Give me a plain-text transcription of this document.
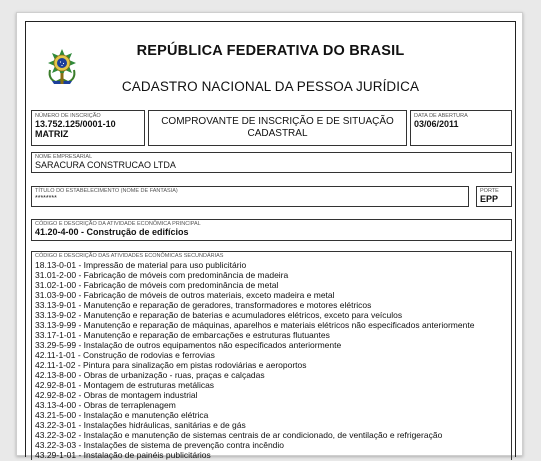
REPÚBLICA FEDERATIVA DO BRASIL
CADASTRO NACIONAL DA PESSOA JURÍDICA
NÚMERO DE INSCRIÇÃO
13.752.125/0001-10
MATRIZ
COMPROVANTE DE INSCRIÇÃO E DE SITUAÇÃO
CADASTRAL
DATA DE ABERTURA
03/06/2011
NOME EMPRESARIAL
SARACURA CONSTRUCAO LTDA
TÍTULO DO ESTABELECIMENTO (NOME DE FANTASIA)
********
PORTE
EPP
CÓDIGO E DESCRIÇÃO DA ATIVIDADE ECONÔMICA PRINCIPAL
41.20-4-00 - Construção de edifícios
CÓDIGO E DESCRIÇÃO DAS ATIVIDADES ECONÔMICAS SECUNDÁRIAS
18.13-0-01 - Impressão de material para uso publicitário
31.01-2-00 - Fabricação de móveis com predominância de madeira
31.02-1-00 - Fabricação de móveis com predominância de metal
31.03-9-00 - Fabricação de móveis de outros materiais, exceto madeira e metal
33.13-9-01 - Manutenção e reparação de geradores, transformadores e motores elétricos
33.13-9-02 - Manutenção e reparação de baterias e acumuladores elétricos, exceto para veículos
33.13-9-99 - Manutenção e reparação de máquinas, aparelhos e materiais elétricos não especificados anteriormente
33.17-1-01 - Manutenção e reparação de embarcações e estruturas flutuantes
33.29-5-99 - Instalação de outros equipamentos não especificados anteriormente
42.11-1-01 - Construção de rodovias e ferrovias
42.11-1-02 - Pintura para sinalização em pistas rodoviárias e aeroportos
42.13-8-00 - Obras de urbanização - ruas, praças e calçadas
42.92-8-01 - Montagem de estruturas metálicas
42.92-8-02 - Obras de montagem industrial
43.13-4-00 - Obras de terraplenagem
43.21-5-00 - Instalação e manutenção elétrica
43.22-3-01 - Instalações hidráulicas, sanitárias e de gás
43.22-3-02 - Instalação e manutenção de sistemas centrais de ar condicionado, de ventilação e refrigeração
43.22-3-03 - Instalações de sistema de prevenção contra incêndio
43.29-1-01 - Instalação de painéis publicitários
